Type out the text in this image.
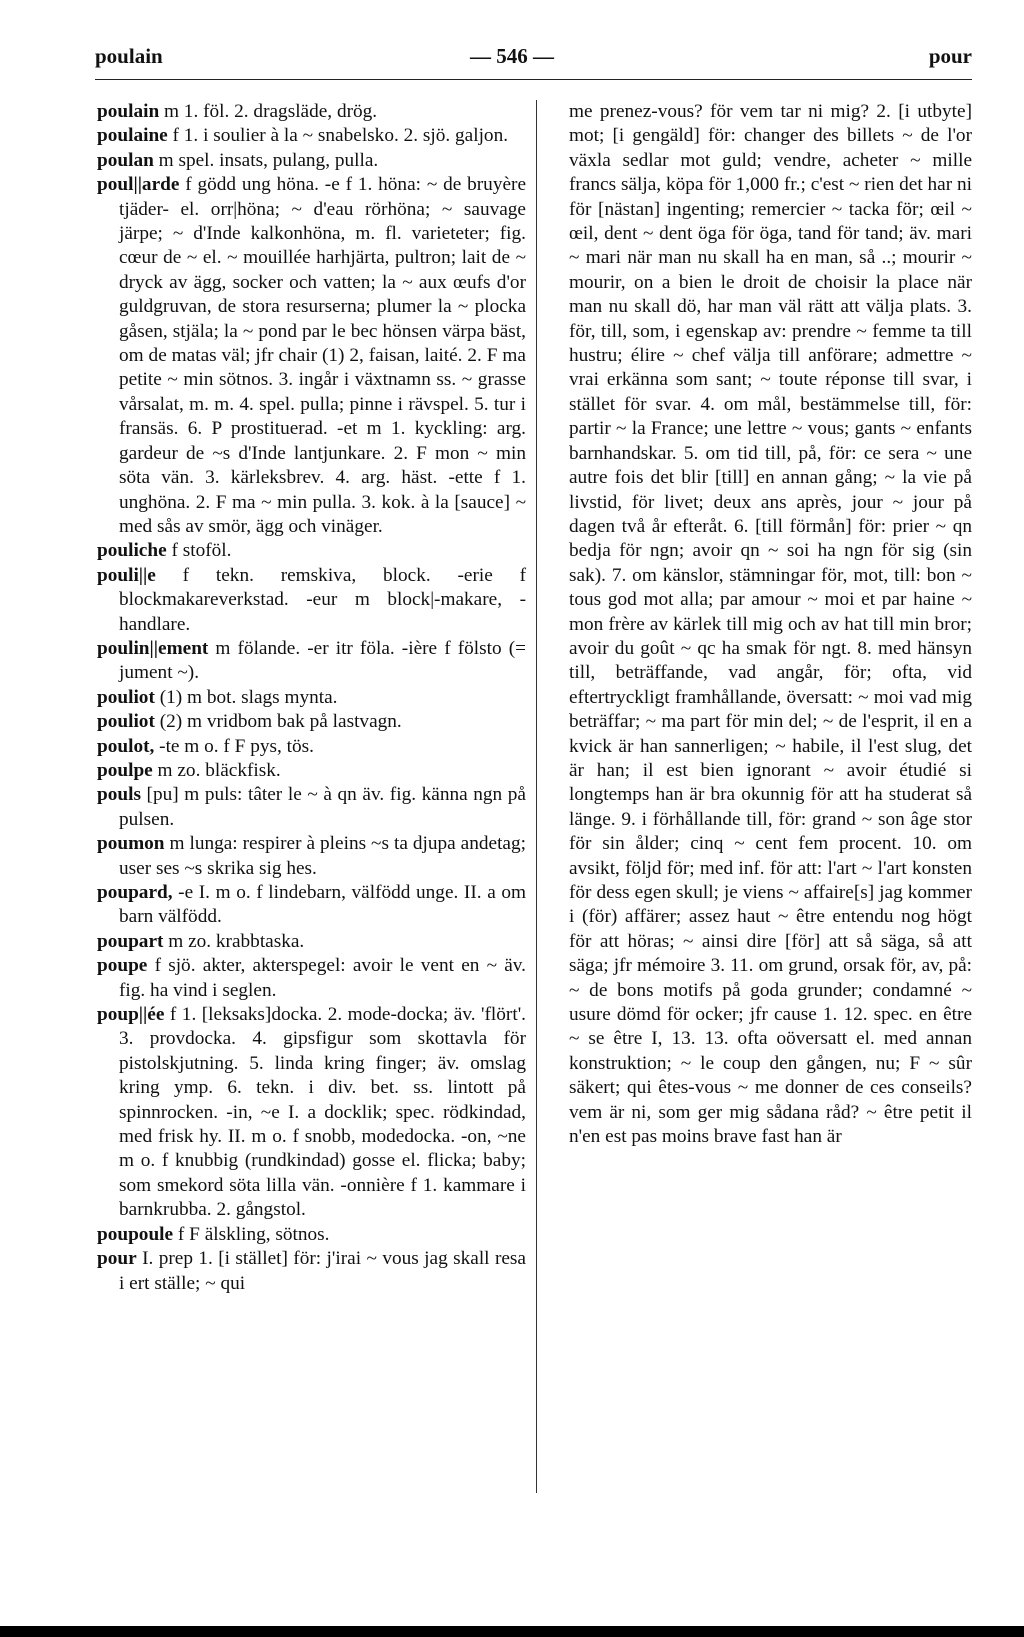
poulain	— 546 —	pour

poulain m 1. föl. 2. dragsläde, drög.

poulaine f 1. i soulier à la ~ snabelsko. 2. sjö. galjon.

poulan m spel. insats, pulang, pulla.

poul||arde f gödd ung höna. -e f 1. höna: ~ de bruyère tjäder- el. orr|höna; ~ d'eau rörhöna; ~ sauvage järpe; ~ d'Inde kalkonhöna, m. fl. varieteter; fig. cœur de ~ el. ~ mouillée harhjärta, pultron; lait de ~ dryck av ägg, socker och vatten; la ~ aux œufs d'or guldgruvan, de stora resurserna; plumer la ~ plocka gåsen, stjäla; la ~ pond par le bec hönsen värpa bäst, om de matas väl; jfr chair (1) 2, faisan, laité. 2. F ma petite ~ min sötnos. 3. ingår i växtnamn ss. ~ grasse vårsalat, m. m. 4. spel. pulla; pinne i rävspel. 5. tur i fransäs. 6. P prostituerad. -et m 1. kyckling: arg. gardeur de ~s d'Inde lantjunkare. 2. F mon ~ min söta vän. 3. kärleksbrev. 4. arg. häst. -ette f 1. unghöna. 2. F ma ~ min pulla. 3. kok. à la [sauce] ~ med sås av smör, ägg och vinäger.

pouliche f stoföl.

pouli||e f tekn. remskiva, block. -erie f blockmakareverkstad. -eur m block|-makare, -handlare.

poulin||ement m fölande. -er itr föla. -ière f fölsto (= jument ~).

pouliot (1) m bot. slags mynta.

pouliot (2) m vridbom bak på lastvagn.

poulot, -te m o. f F pys, tös.

poulpe m zo. bläckfisk.

pouls [pu] m puls: tâter le ~ à qn äv. fig. känna ngn på pulsen.

poumon m lunga: respirer à pleins ~s ta djupa andetag; user ses ~s skrika sig hes.

poupard, -e I. m o. f lindebarn, välfödd unge. II. a om barn välfödd.

poupart m zo. krabbtaska.

poupe f sjö. akter, akterspegel: avoir le vent en ~ äv. fig. ha vind i seglen.

poup||ée f 1. [leksaks]docka. 2. mode-docka; äv. 'flört'. 3. provdocka. 4. gipsfigur som skottavla för pistolskjutning. 5. linda kring finger; äv. omslag kring ymp. 6. tekn. i div. bet. ss. lintott på spinnrocken. -in, ~e I. a docklik; spec. rödkindad, med frisk hy. II. m o. f snobb, modedocka. -on, ~ne m o. f knubbig (rundkindad) gosse el. flicka; baby; som smekord söta lilla vän. -onnière f 1. kammare i barnkrubba. 2. gångstol.

poupoule f F älskling, sötnos.

pour I. prep 1. [i stället] för: j'irai ~ vous jag skall resa i ert ställe; ~ qui

me prenez-vous? för vem tar ni mig? 2. [i utbyte] mot; [i gengäld] för: changer des billets ~ de l'or växla sedlar mot guld; vendre, acheter ~ mille francs sälja, köpa för 1,000 fr.; c'est ~ rien det har ni för [nästan] ingenting; remercier ~ tacka för; œil ~ œil, dent ~ dent öga för öga, tand för tand; äv. mari ~ mari när man nu skall ha en man, så ..; mourir ~ mourir, on a bien le droit de choisir la place när man nu skall dö, har man väl rätt att välja plats. 3. för, till, som, i egenskap av: prendre ~ femme ta till hustru; élire ~ chef välja till anförare; admettre ~ vrai erkänna som sant; ~ toute réponse till svar, i stället för svar. 4. om mål, bestämmelse till, för: partir ~ la France; une lettre ~ vous; gants ~ enfants barnhandskar. 5. om tid till, på, för: ce sera ~ une autre fois det blir [till] en annan gång; ~ la vie på livstid, för livet; deux ans après, jour ~ jour på dagen två år efteråt. 6. [till förmån] för: prier ~ qn bedja för ngn; avoir qn ~ soi ha ngn för sig (sin sak). 7. om känslor, stämningar för, mot, till: bon ~ tous god mot alla; par amour ~ moi et par haine ~ mon frère av kärlek till mig och av hat till min bror; avoir du goût ~ qc ha smak för ngt. 8. med hänsyn till, beträffande, vad angår, för; ofta, vid eftertryckligt framhållande, översatt: ~ moi vad mig beträffar; ~ ma part för min del; ~ de l'esprit, il en a kvick är han sannerligen; ~ habile, il l'est slug, det är han; il est bien ignorant ~ avoir étudié si longtemps han är bra okunnig för att ha studerat så länge. 9. i förhållande till, för: grand ~ son âge stor för sin ålder; cinq ~ cent fem procent. 10. om avsikt, följd för; med inf. för att: l'art ~ l'art konsten för dess egen skull; je viens ~ affaire[s] jag kommer i (för) affärer; assez haut ~ être entendu nog högt för att höras; ~ ainsi dire [för] att så säga, så att säga; jfr mémoire 3. 11. om grund, orsak för, av, på: ~ de bons motifs på goda grunder; condamné ~ usure dömd för ocker; jfr cause 1. 12. spec. en être ~ se être I, 13. 13. ofta oöversatt el. med annan konstruktion; ~ le coup den gången, nu; F ~ sûr säkert; qui êtes-vous ~ me donner de ces conseils? vem är ni, som ger mig sådana råd? ~ être petit il n'en est pas moins brave fast han är
